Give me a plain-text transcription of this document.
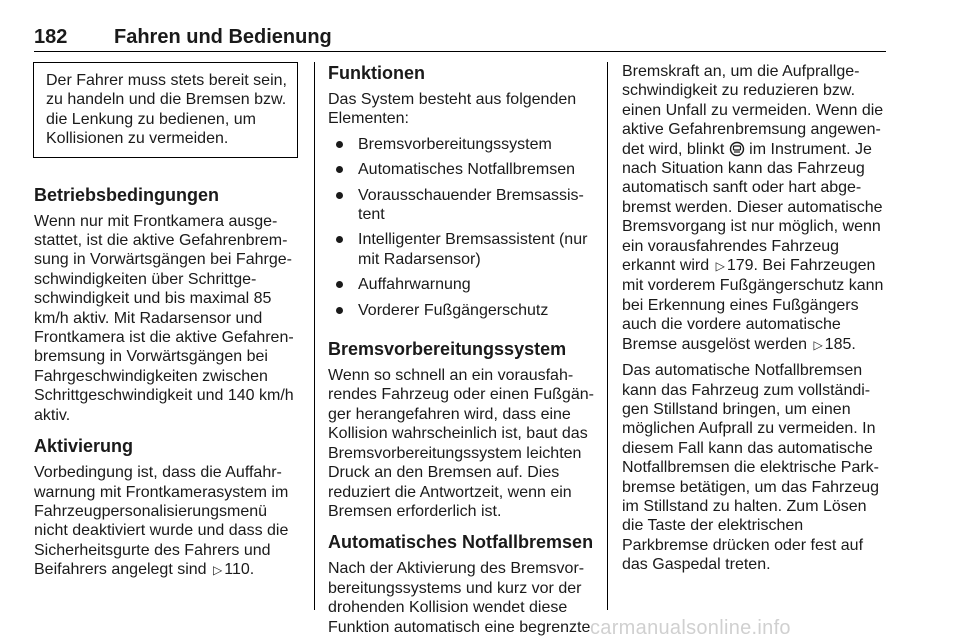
182 Fahren und Bedienung

Der Fahrer muss stets bereit sein, zu handeln und die Bremsen bzw. die Lenkung zu bedienen, um Kollisionen zu vermeiden.

Betriebsbedingungen

Wenn nur mit Frontkamera ausge-stattet, ist die aktive Gefahrenbrem-sung in Vorwärtsgängen bei Fahrge-schwindigkeiten über Schrittge-schwindigkeit und bis maximal 85 km/h aktiv. Mit Radarsensor und Frontkamera ist die aktive Gefahren-bremsung in Vorwärtsgängen bei Fahrgeschwindigkeiten zwischen Schrittgeschwindigkeit und 140 km/h aktiv.

Aktivierung

Vorbedingung ist, dass die Auffahr-warnung mit Frontkamerasystem im Fahrzeugpersonalisierungsmenü nicht deaktiviert wurde und dass die Sicherheitsgurte des Fahrers und Beifahrers angelegt sind ▷ 110.

Funktionen

Das System besteht aus folgenden Elementen:

Bremsvorbereitungssystem
Automatisches Notfallbremsen
Vorausschauender Bremsassis-tent
Intelligenter Bremsassistent (nur mit Radarsensor)
Auffahrwarnung
Vorderer Fußgängerschutz
Bremsvorbereitungssystem

Wenn so schnell an ein vorausfah-rendes Fahrzeug oder einen Fußgän-ger herangefahren wird, dass eine Kollision wahrscheinlich ist, baut das Bremsvorbereitungssystem leichten Druck an den Bremsen auf. Dies reduziert die Antwortzeit, wenn ein Bremsen erforderlich ist.

Automatisches Notfallbremsen

Nach der Aktivierung des Bremsvor-bereitungssystems und kurz vor der drohenden Kollision wendet diese Funktion automatisch eine begrenzte

Bremskraft an, um die Aufprallge-schwindigkeit zu reduzieren bzw. einen Unfall zu vermeiden. Wenn die aktive Gefahrenbremsung angewen-det wird, blinkt im Instrument. Je nach Situation kann das Fahrzeug automatisch sanft oder hart abge-bremst werden. Dieser automatische Bremsvorgang ist nur möglich, wenn ein vorausfahrendes Fahrzeug erkannt wird ▷ 179. Bei Fahrzeugen mit vorderem Fußgängerschutz kann bei Erkennung eines Fußgängers auch die vordere automatische Bremse ausgelöst werden ▷ 185.

Das automatische Notfallbremsen kann das Fahrzeug zum vollständi-gen Stillstand bringen, um einen möglichen Aufprall zu vermeiden. In diesem Fall kann das automatische Notfallbremsen die elektrische Park-bremse betätigen, um das Fahrzeug im Stillstand zu halten. Zum Lösen die Taste der elektrischen Parkbremse drücken oder fest auf das Gaspedal treten.

carmanualsonline.info
